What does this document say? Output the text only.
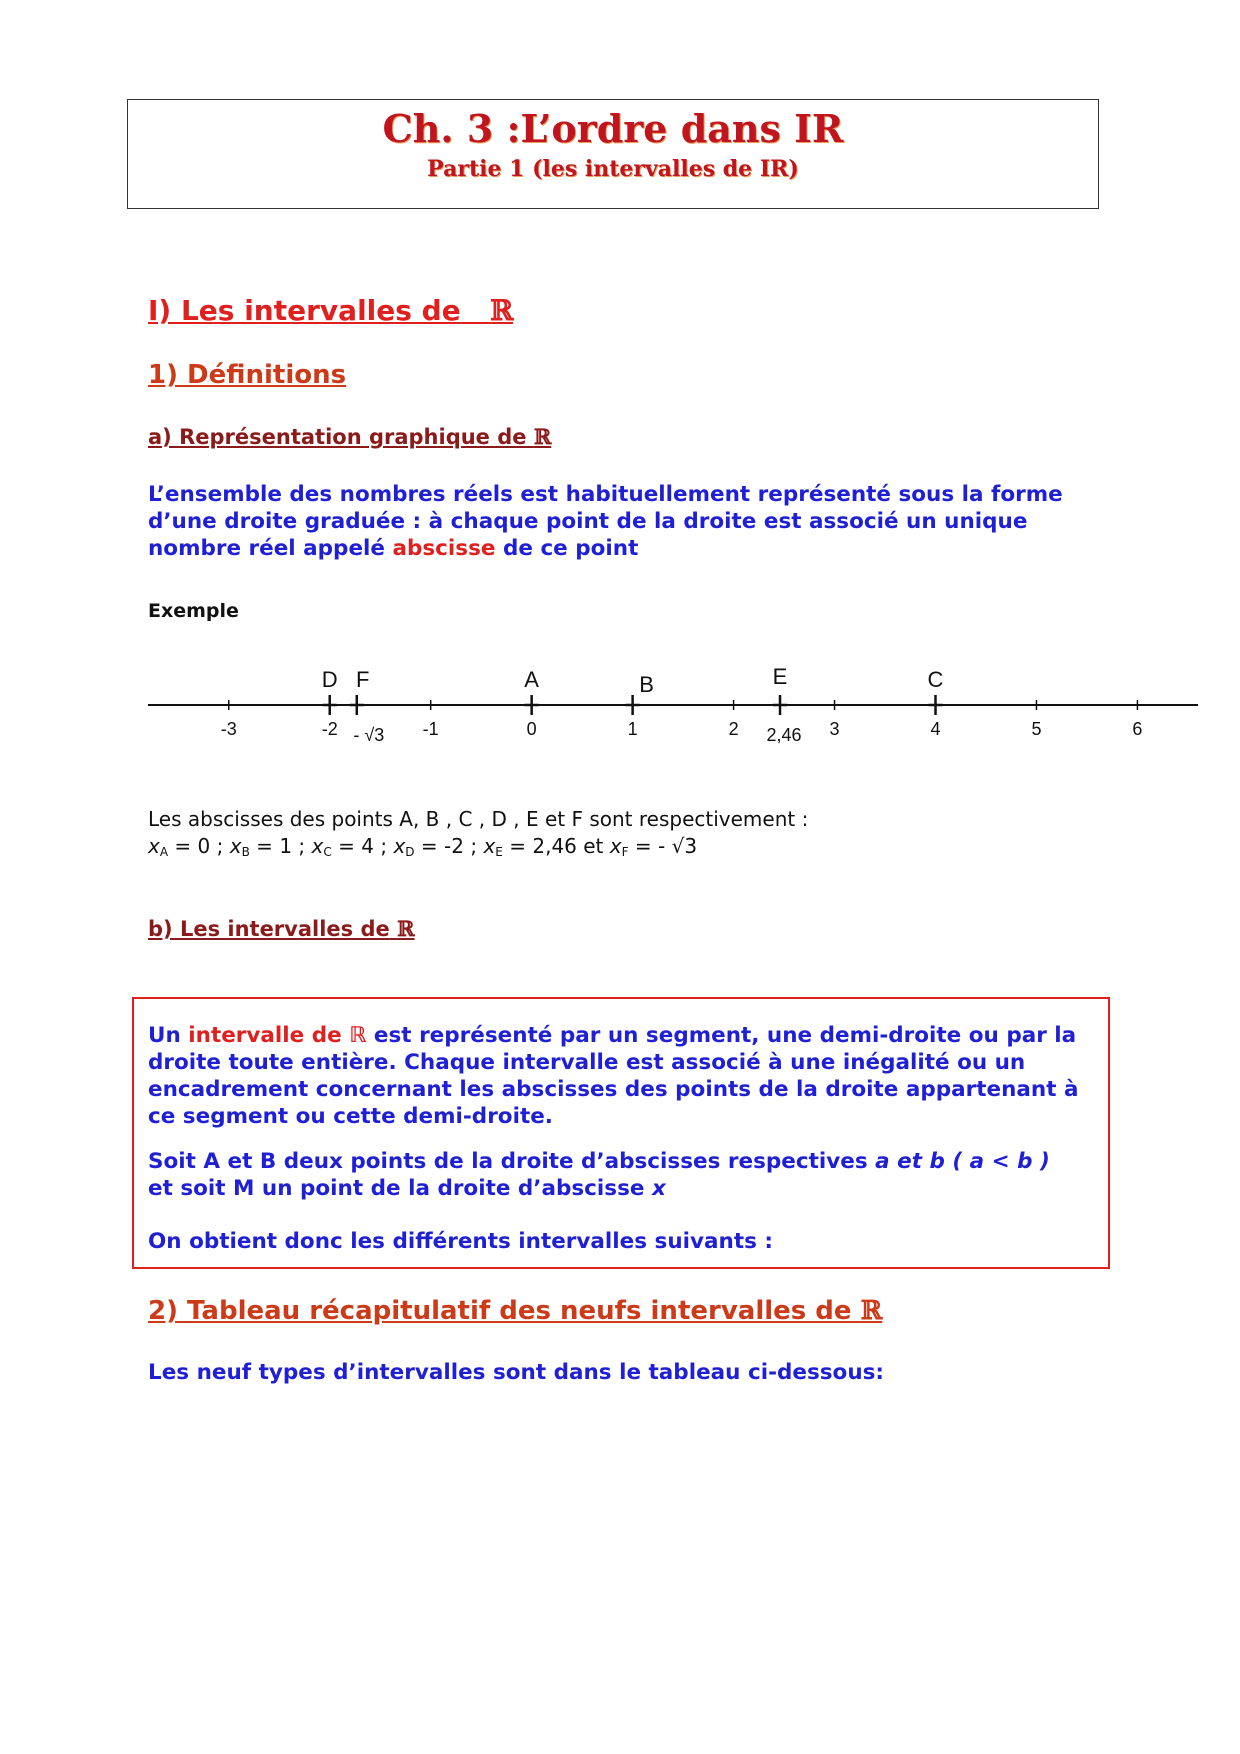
Ch. 3 :L’ordre dans IR
Partie 1 (les intervalles de IR)
I) Les intervalles de ℝ
1) Définitions
a) Représentation graphique de ℝ
L’ensemble des nombres réels est habituellement représenté sous la forme
d’une droite graduée : à chaque point de la droite est associé un unique
nombre réel appelé abscisse de ce point
Exemple
-3	-2	-1	0	1	2	3	4	5	6
D F
- √3
A	B	E
2,46
C
Les abscisses des points A, B , C , D , E et F sont respectivement :
$x_A = 0$ ; $x_B = 1$ ; $x_C = 4$ ; $x_D = -2$ ; $x_E = 2,46$ et $x_F$ = - √3
b) Les intervalles de ℝ
Un intervalle de ℝ est représenté par un segment, une demi-droite ou par la
droite toute entière. Chaque intervalle est associé à une inégalité ou un
encadrement concernant les abscisses des points de la droite appartenant à
ce segment ou cette demi-droite.
Soit A et B deux points de la droite d’abscisses respectives a et b ( a < b )
et soit M un point de la droite d’abscisse x
On obtient donc les différents intervalles suivants :
2) Tableau récapitulatif des neufs intervalles de ℝ
Les neuf types d’intervalles sont dans le tableau ci-dessous:
